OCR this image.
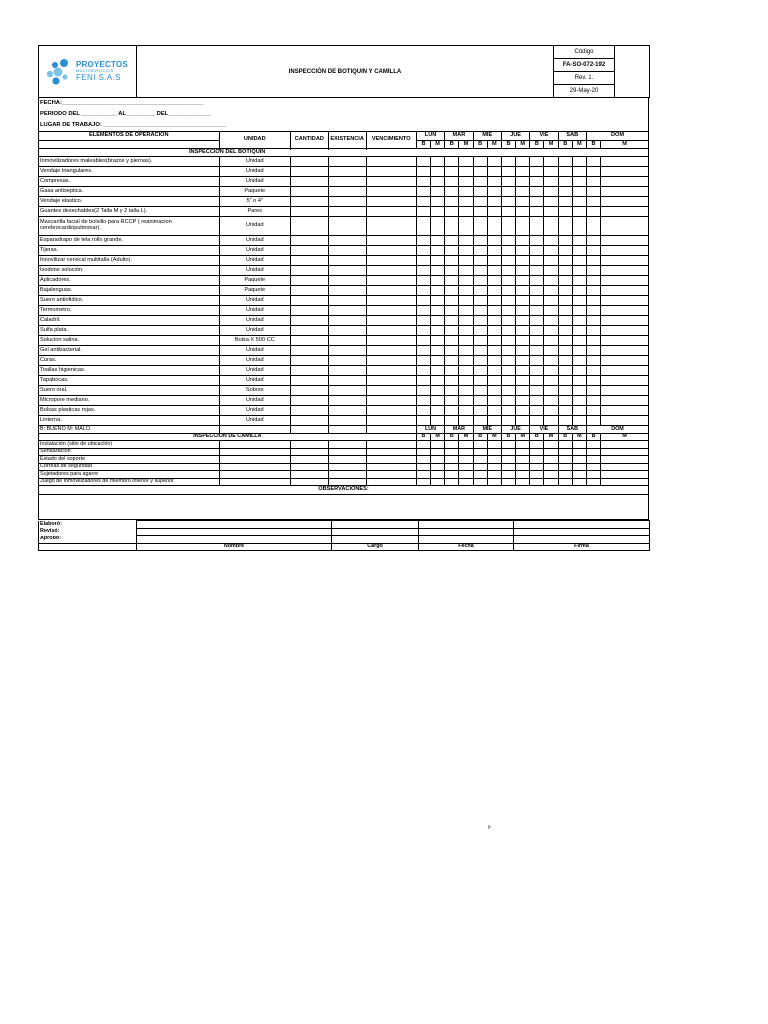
PROYECTOS
MULTISERVICIOS
FENI S.A.S
	INSPECCIÓN DE BOTIQUIN Y CAMILLA	Código	
FA-SO-072-192
Rev. 1.
29-May-20
FECHA:____________________________________________
PERIODO DEL ___________ AL_________ DEL_____________
LUGAR DE TRABAJO: ______________________________________
ELEMENTOS DE OPERACIÓN	UNIDAD	CANTIDAD	EXISTENCIA	VENCIMIENTO	LUN		MAR		MIE		JUE		VIE		SAB		DOM	
					B	M	B	M	B	M	B	M	B	M	B	M	B	M

INSPECCIÓN DEL BOTIQUIN																		
Inmovilizadores maleables(brazos y piernas).	Unidad																	
Vendaje triangulares.	Unidad																	
Compresas.	Unidad																	
Gasa antiseptica.	Paquete																	
Vendaje elastico.	5" o 4"																	
Guantes desechables(2 Talla M y 2 talla L).	Pares																	
Mascarilla facial de bolsillo para RCCP ( reanimacion cerebrocardiopulmonar).	Unidad																	
Esparadrapo de tela rollo grande.	Unidad																	
Tijeras.	Unidad																	
Innovilizar cervical multitalla (Adulto).	Unidad																	
Isodone solución.	Unidad																	
Aplicadores.	Paquete																	
Bajalenguas.	Paquete																	
Suero antiofidico.	Unidad																	
Termometro.	Unidad																	
Caladril.	Unidad																	
Sulfa plata.	Unidad																	
Solucion salina.	Bolsa X 500 CC																	
Gel antibacterial.	Unidad																	
Curas.	Unidad																	
Toallas higienicas.	Unidad																	
Tapabocas.	Unidad																	
Suero oral.	Sobres																	
Micropore mediano.	Unidad																	
Bolsas plasticas rojas.	Unidad																	
Linterna.	Unidad																	
B: BUENO M: MALO.					LUN		MAR		MIE		JUE		VIE		SAB		DOM	
INSPECCIÓN DE CAMILLA					B	M	B	M	B	M	B	M	B	M	B	M	B	M
Instalación (sitio de ubicación)																		
Señalizacion																		
Estado del soporte																		
Correas de seguridad																		
Sujetadores para agarre																		
Juego de inmovilizadores de miembro inferior y superior																		
OBSERVACIONES:																		

Elaboró:				
Revisó:				
Aprobó:				
	Nombre	Cargo	Fecha	Firma
P
